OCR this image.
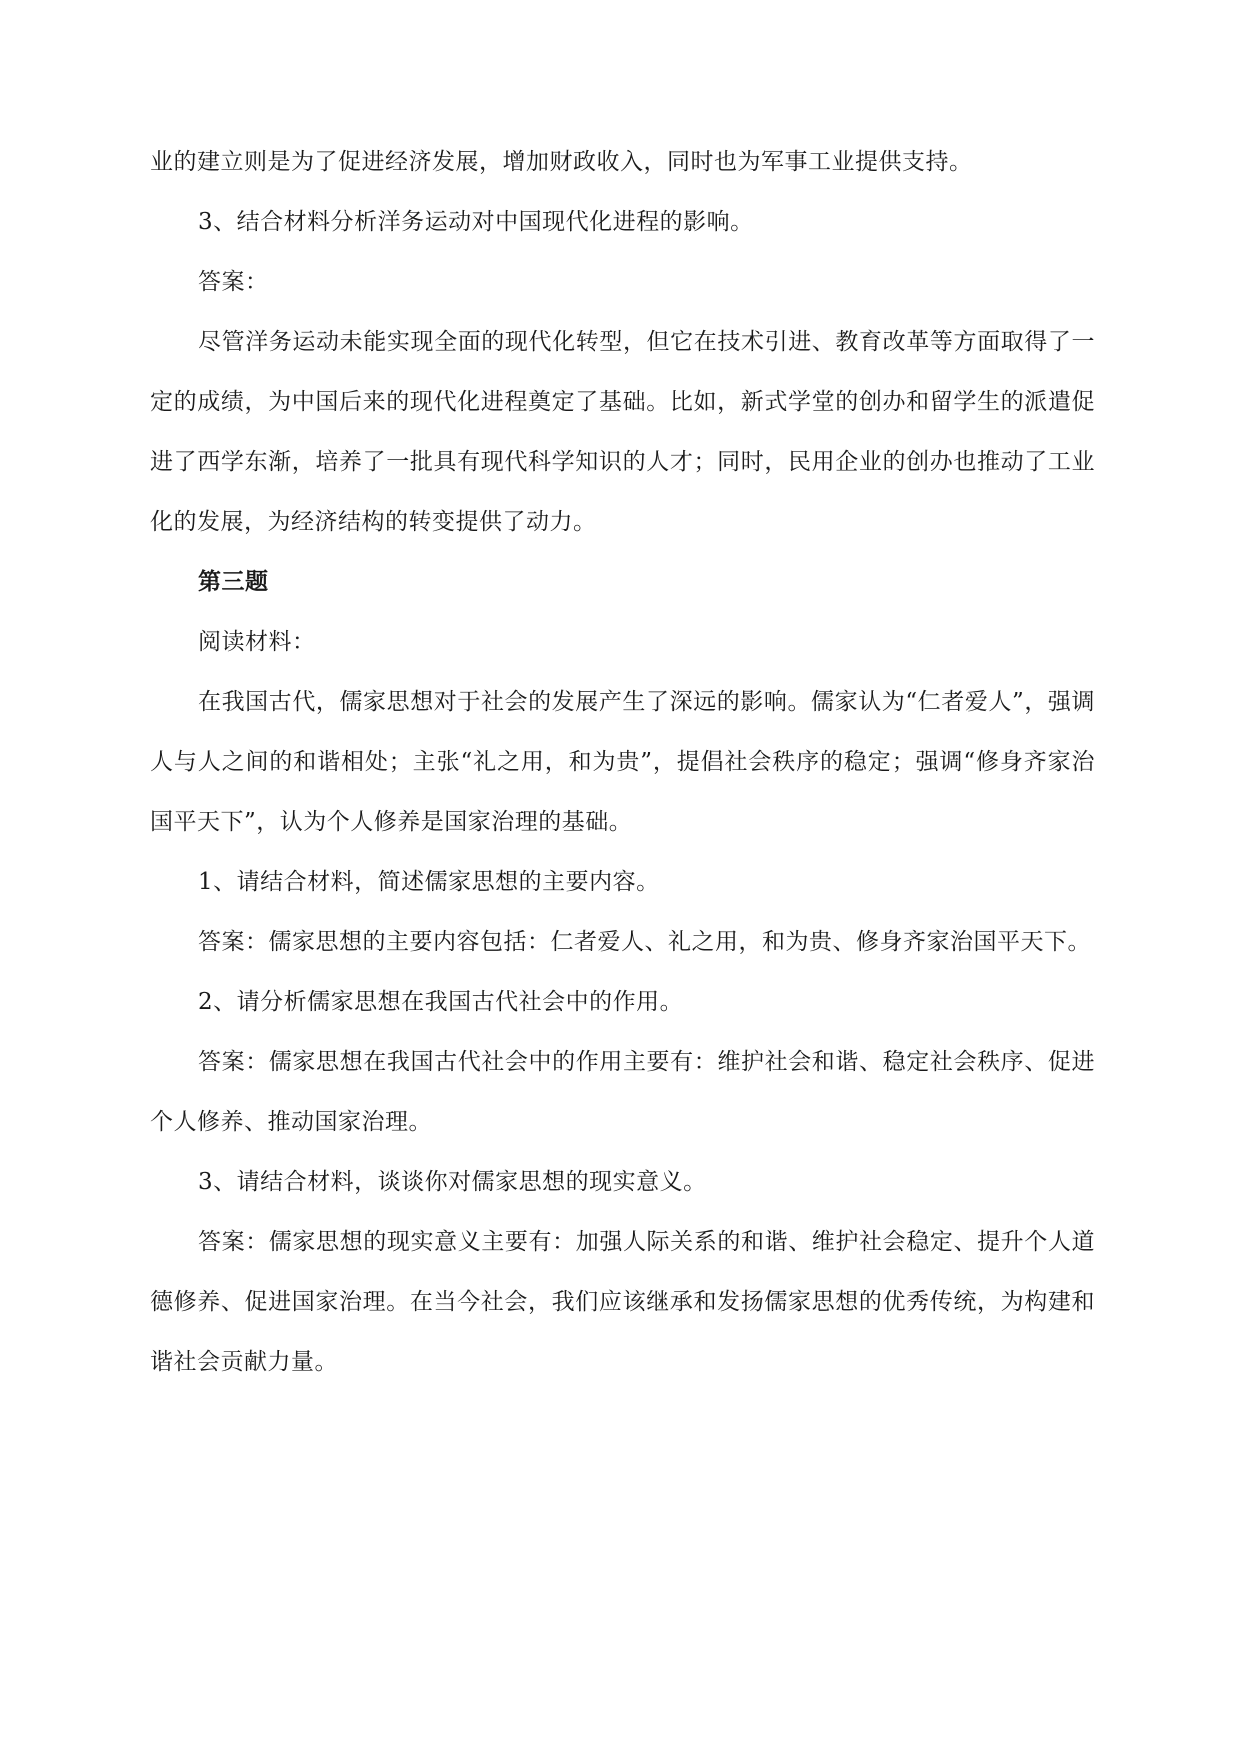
业的建立则是为了促进经济发展，增加财政收入，同时也为军事工业提供支持。

3、结合材料分析洋务运动对中国现代化进程的影响。

答案：

尽管洋务运动未能实现全面的现代化转型，但它在技术引进、教育改革等方面取得了一定的成绩，为中国后来的现代化进程奠定了基础。比如，新式学堂的创办和留学生的派遣促进了西学东渐，培养了一批具有现代科学知识的人才；同时，民用企业的创办也推动了工业化的发展，为经济结构的转变提供了动力。

第三题

阅读材料：

在我国古代，儒家思想对于社会的发展产生了深远的影响。儒家认为“仁者爱人”，强调人与人之间的和谐相处；主张“礼之用，和为贵”，提倡社会秩序的稳定；强调“修身齐家治国平天下”，认为个人修养是国家治理的基础。

1、请结合材料，简述儒家思想的主要内容。

答案：儒家思想的主要内容包括：仁者爱人、礼之用，和为贵、修身齐家治国平天下。

2、请分析儒家思想在我国古代社会中的作用。

答案：儒家思想在我国古代社会中的作用主要有：维护社会和谐、稳定社会秩序、促进个人修养、推动国家治理。

3、请结合材料，谈谈你对儒家思想的现实意义。

答案：儒家思想的现实意义主要有：加强人际关系的和谐、维护社会稳定、提升个人道德修养、促进国家治理。在当今社会，我们应该继承和发扬儒家思想的优秀传统，为构建和谐社会贡献力量。
